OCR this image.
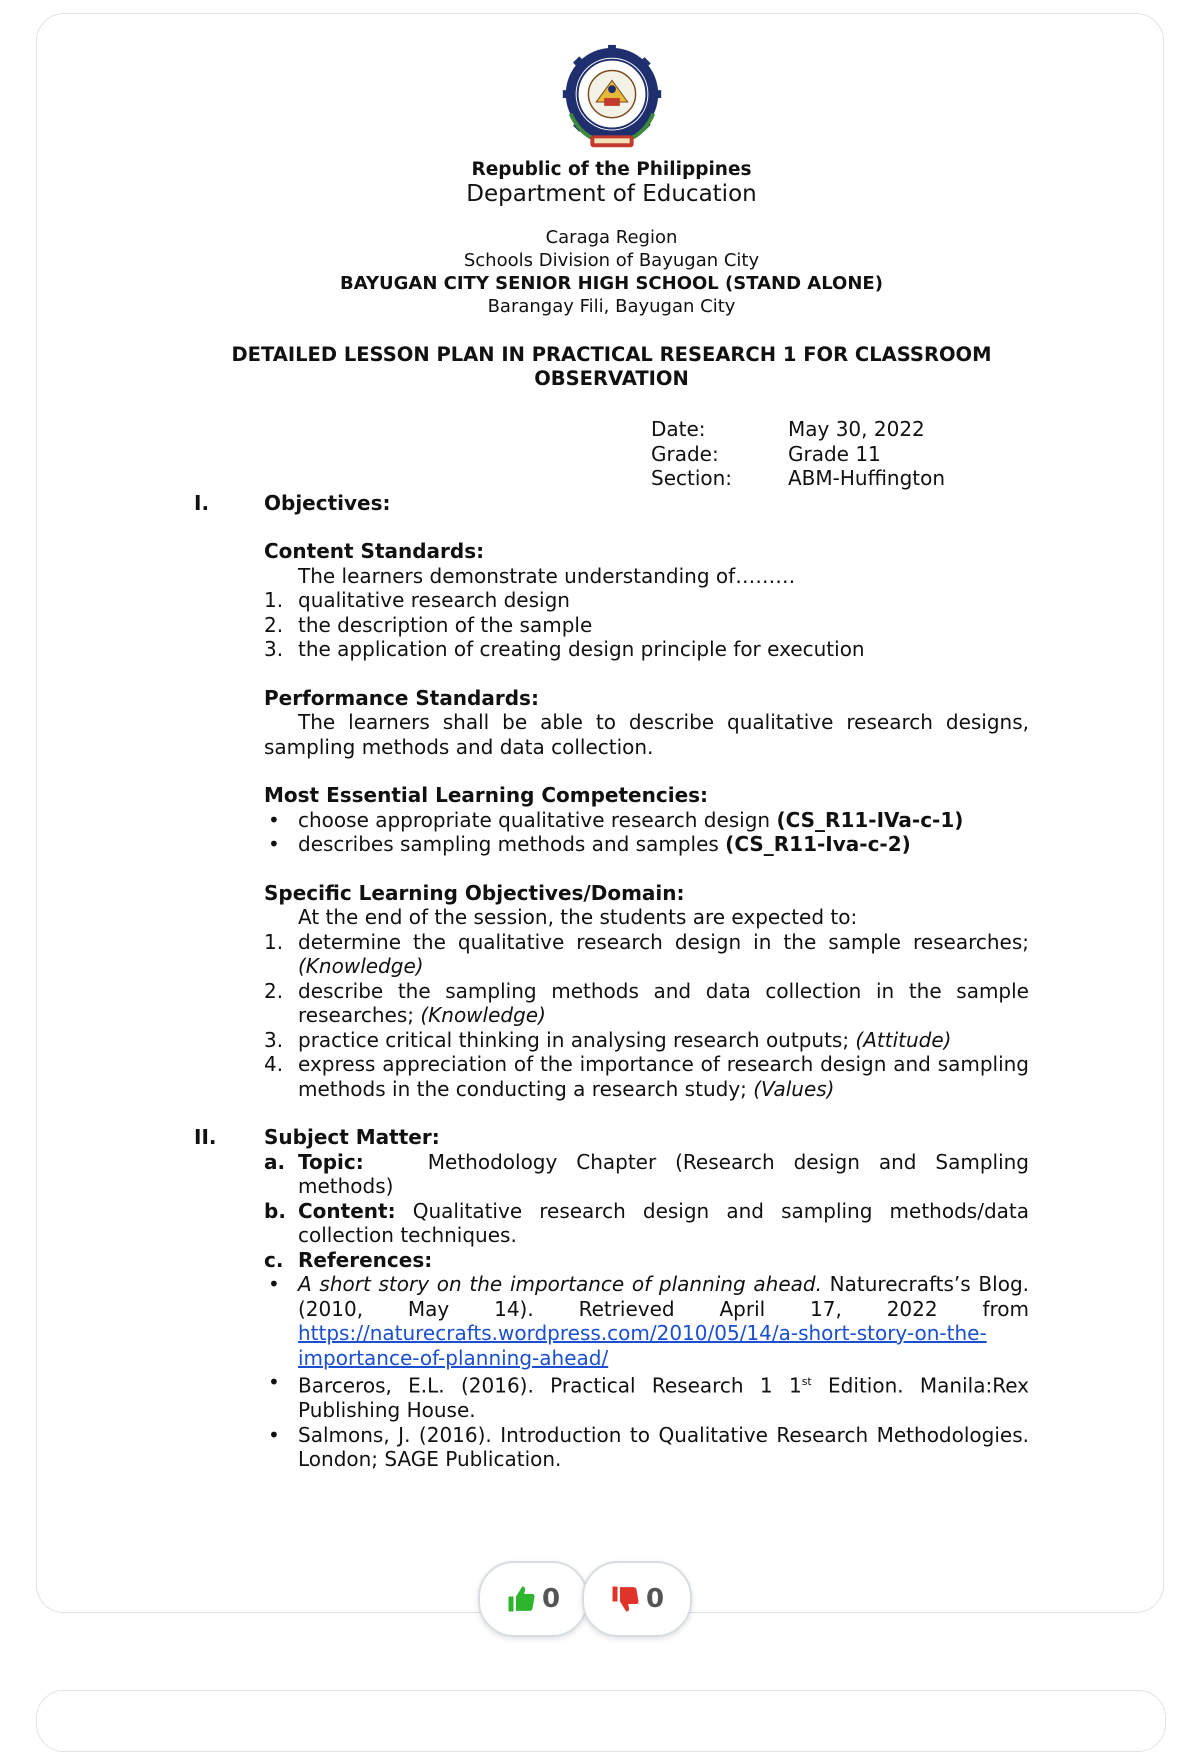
Republic of the Philippines
Department of Education
Caraga Region
Schools Division of Bayugan City
BAYUGAN CITY SENIOR HIGH SCHOOL (STAND ALONE)
Barangay Fili, Bayugan City
DETAILED LESSON PLAN IN PRACTICAL RESEARCH 1 FOR CLASSROOM
OBSERVATION
Date:	May 30, 2022
Grade:	Grade 11
Section:	ABM-Huffington
I.	Objectives:
Content Standards:
The learners demonstrate understanding of………
1. qualitative research design
2. the description of the sample
3. the application of creating design principle for execution
Performance Standards:
The learners shall be able to describe qualitative research designs, sampling methods and data collection.
Most Essential Learning Competencies:
• choose appropriate qualitative research design (CS_R11-IVa-c-1)
• describes sampling methods and samples (CS_R11-Iva-c-2)
Specific Learning Objectives/Domain:
At the end of the session, the students are expected to:
1. determine the qualitative research design in the sample researches; (Knowledge)
2. describe the sampling methods and data collection in the sample researches; (Knowledge)
3. practice critical thinking in analysing research outputs; (Attitude)
4. express appreciation of the importance of research design and sampling methods in the conducting a research study; (Values)
II.	Subject Matter:
a. Topic:	Methodology Chapter (Research design and Sampling methods)
b. Content: Qualitative research design and sampling methods/data collection techniques.
c. References:
• A short story on the importance of planning ahead. Naturecrafts’s Blog. (2010, May 14). Retrieved April 17, 2022 from https://naturecrafts.wordpress.com/2010/05/14/a-short-story-on-the-importance-of-planning-ahead/
• Barceros, E.L. (2016). Practical Research 1 1st Edition. Manila:Rex Publishing House.
• Salmons, J. (2016). Introduction to Qualitative Research Methodologies. London; SAGE Publication.
0	0
